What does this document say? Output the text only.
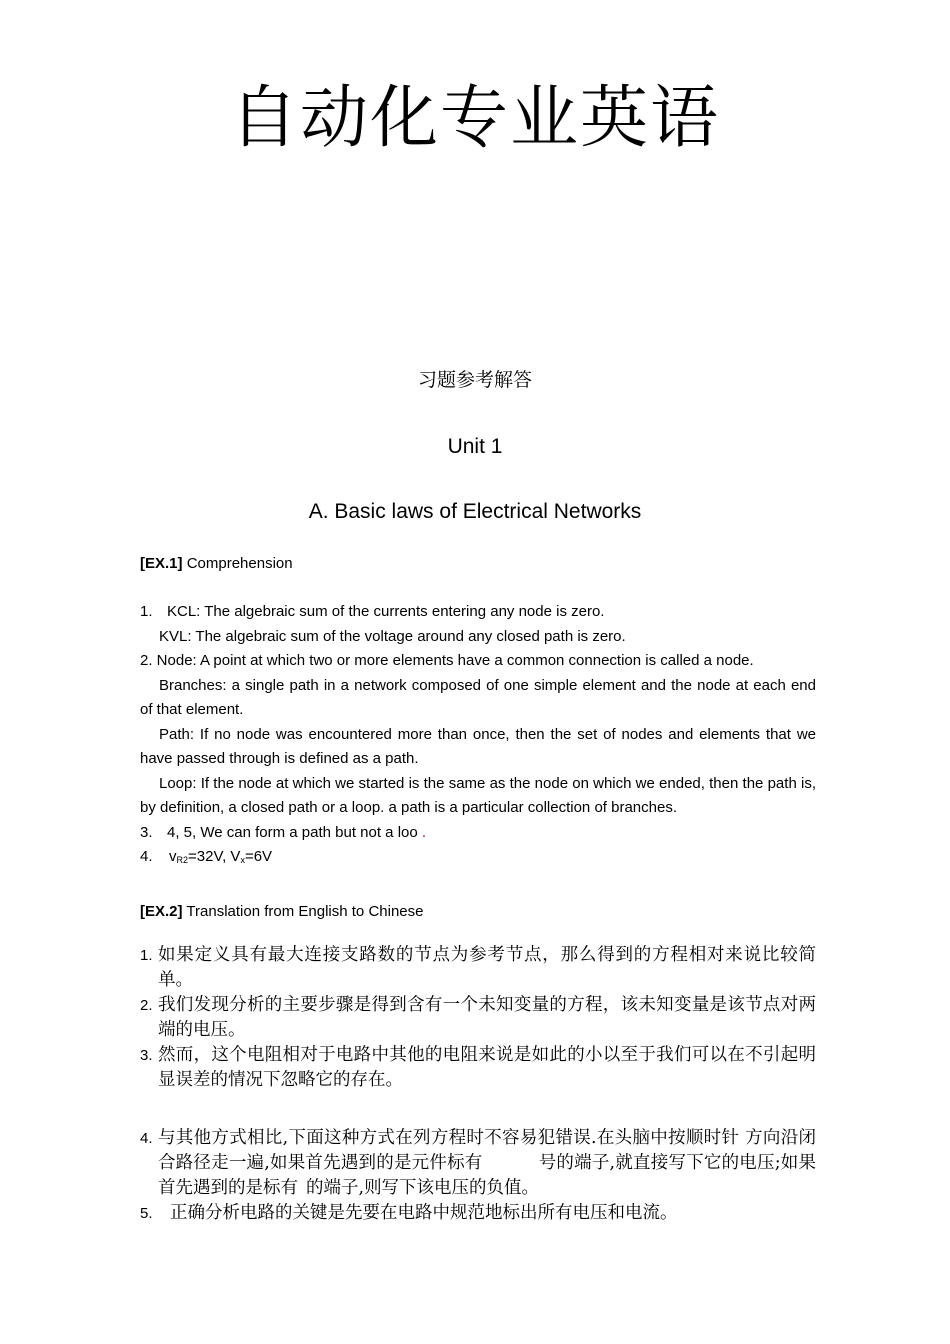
自动化专业英语
习题参考解答
Unit 1
A. Basic laws of Electrical Networks
[EX.1] Comprehension
1. KCL: The algebraic sum of the currents entering any node is zero.
KVL: The algebraic sum of the voltage around any closed path is zero.
2. Node: A point at which two or more elements have a common connection is called a node.
Branches: a single path in a network composed of one simple element and the node at each end of that element.
Path: If no node was encountered more than once, then the set of nodes and elements that we have passed through is defined as a path.
Loop: If the node at which we started is the same as the node on which we ended, then the path is, by definition, a closed path or a loop. a path is a particular collection of branches.
3. 4, 5, We can form a path but not a loo .
4. $v_{R2}=32V$, $V_x=6V$
[EX.2] Translation from English to Chinese

1. 如果定义具有最大连接支路数的节点为参考节点，那么得到的方程相对来说比较简单。

2. 我们发现分析的主要步骤是得到含有一个未知变量的方程，该未知变量是该节点对两端的电压。

3. 然而，这个电阻相对于电路中其他的电阻来说是如此的小以至于我们可以在不引起明显误差的情况下忽略它的存在。

4. 与其他方式相比,下面这种方式在列方程时不容易犯错误.在头脑中按顺时针 方向沿闭合路径走一遍,如果首先遇到的是元件标有	号的端子,就直接写下它的电压;如果首先遇到的是标有 的端子,则写下该电压的负值。

5. 正确分析电路的关键是先要在电路中规范地标出所有电压和电流。
